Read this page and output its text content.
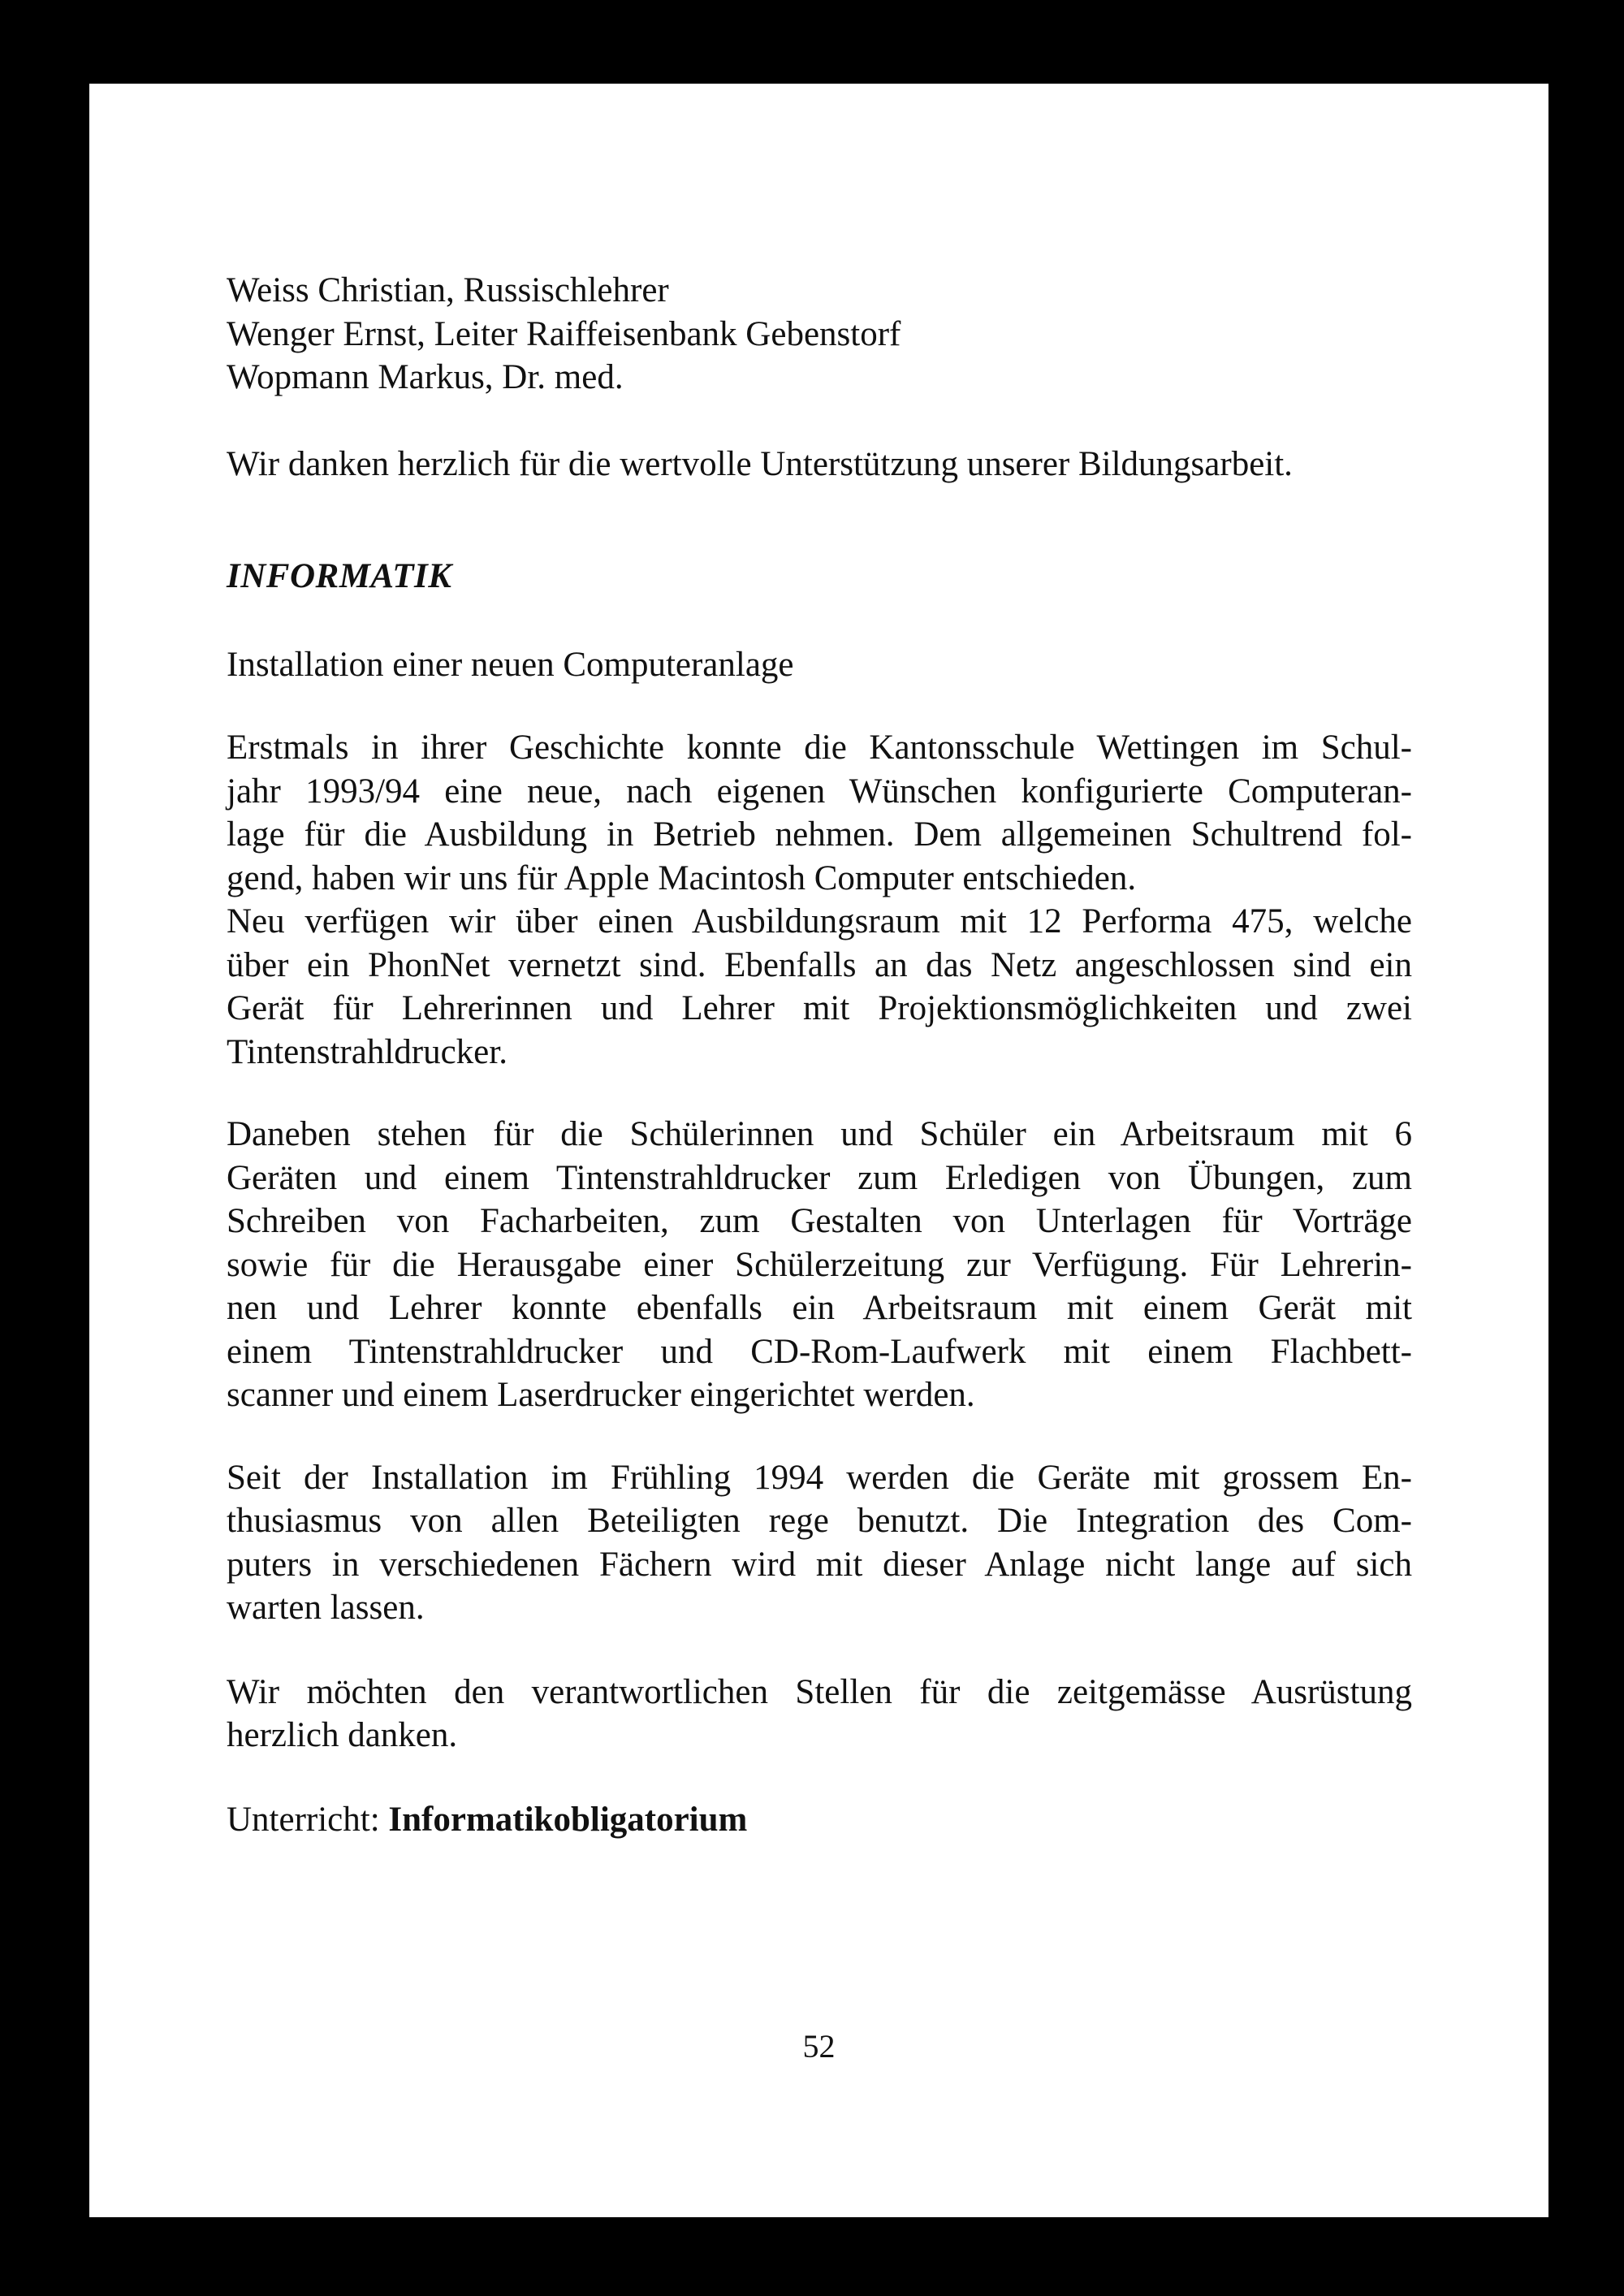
Weiss Christian, Russischlehrer

Wenger Ernst, Leiter Raiffeisenbank Gebenstorf

Wopmann Markus, Dr. med.

Wir danken herzlich für die wertvolle Unterstützung unserer Bildungsarbeit.

INFORMATIK

Installation einer neuen Computeranlage

Erstmals in ihrer Geschichte konnte die Kantonsschule Wettingen im Schul-
jahr 1993/94 eine neue, nach eigenen Wünschen konfigurierte Computeran-
lage für die Ausbildung in Betrieb nehmen. Dem allgemeinen Schultrend fol-
gend, haben wir uns für Apple Macintosh Computer entschieden.
Neu verfügen wir über einen Ausbildungsraum mit 12 Performa 475, welche
über ein PhonNet vernetzt sind. Ebenfalls an das Netz angeschlossen sind ein
Gerät für Lehrerinnen und Lehrer mit Projektionsmöglichkeiten und zwei
Tintenstrahldrucker.
Daneben stehen für die Schülerinnen und Schüler ein Arbeitsraum mit 6
Geräten und einem Tintenstrahldrucker zum Erledigen von Übungen, zum
Schreiben von Facharbeiten, zum Gestalten von Unterlagen für Vorträge
sowie für die Herausgabe einer Schülerzeitung zur Verfügung. Für Lehrerin-
nen und Lehrer konnte ebenfalls ein Arbeitsraum mit einem Gerät mit
einem Tintenstrahldrucker und CD-Rom-Laufwerk mit einem Flachbett-
scanner und einem Laserdrucker eingerichtet werden.
Seit der Installation im Frühling 1994 werden die Geräte mit grossem En-
thusiasmus von allen Beteiligten rege benutzt. Die Integration des Com-
puters in verschiedenen Fächern wird mit dieser Anlage nicht lange auf sich
warten lassen.
Wir möchten den verantwortlichen Stellen für die zeitgemässe Ausrüstung
herzlich danken.

Unterricht: Informatikobligatorium

52
